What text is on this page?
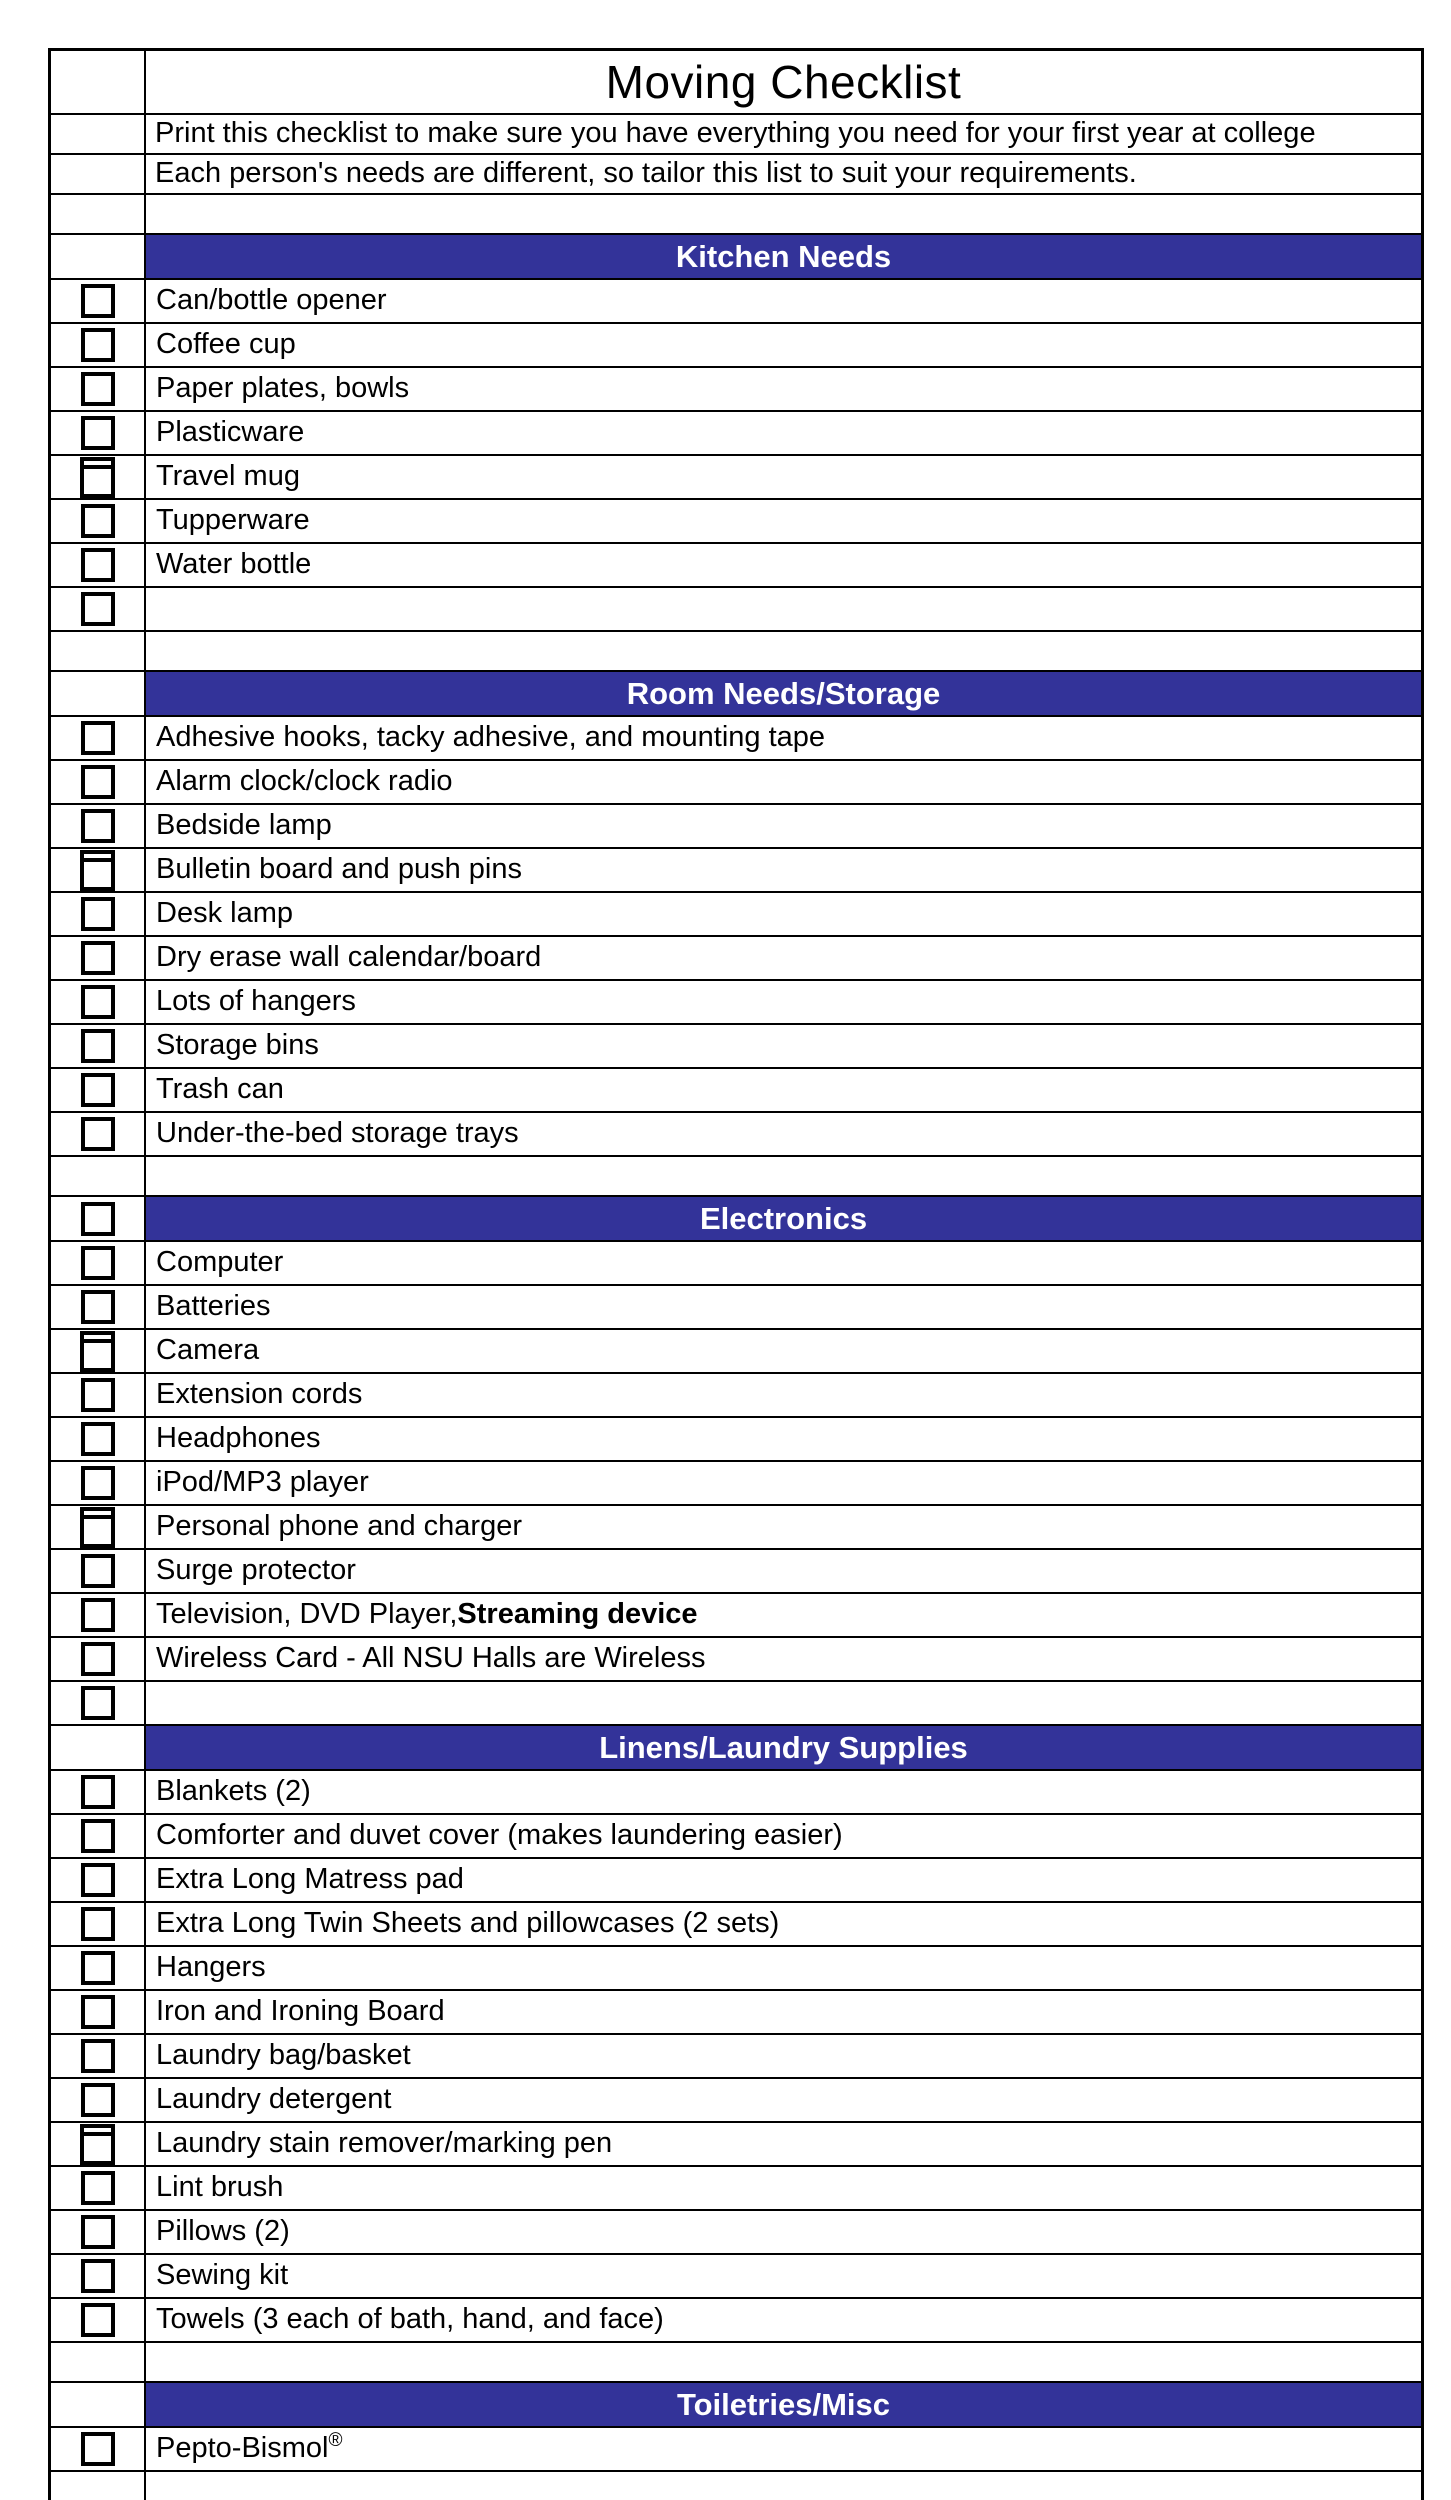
Moving Checklist
Print this checklist to make sure you have everything you need for your first year at college
Each person's needs are different, so tailor this list to suit your requirements.
Kitchen Needs
Can/bottle opener
Coffee cup
Paper plates, bowls
Plasticware
Travel mug
Tupperware
Water bottle
Room Needs/Storage
Adhesive hooks, tacky adhesive, and mounting tape
Alarm clock/clock radio
Bedside lamp
Bulletin board and push pins
Desk lamp
Dry erase wall calendar/board
Lots of hangers
Storage bins
Trash can
Under-the-bed storage trays
Electronics
Computer
Batteries
Camera
Extension cords
Headphones
iPod/MP3 player
Personal phone and charger
Surge protector
Television, DVD Player, Streaming device
Wireless Card - All NSU Halls are Wireless
Linens/Laundry Supplies
Blankets (2)
Comforter and duvet cover (makes laundering easier)
Extra Long Matress pad
Extra Long Twin Sheets and pillowcases (2 sets)
Hangers
Iron and Ironing Board
Laundry bag/basket
Laundry detergent
Laundry stain remover/marking pen
Lint brush
Pillows (2)
Sewing kit
Towels (3 each of bath, hand, and face)
Toiletries/Misc
Pepto-Bismol ®
